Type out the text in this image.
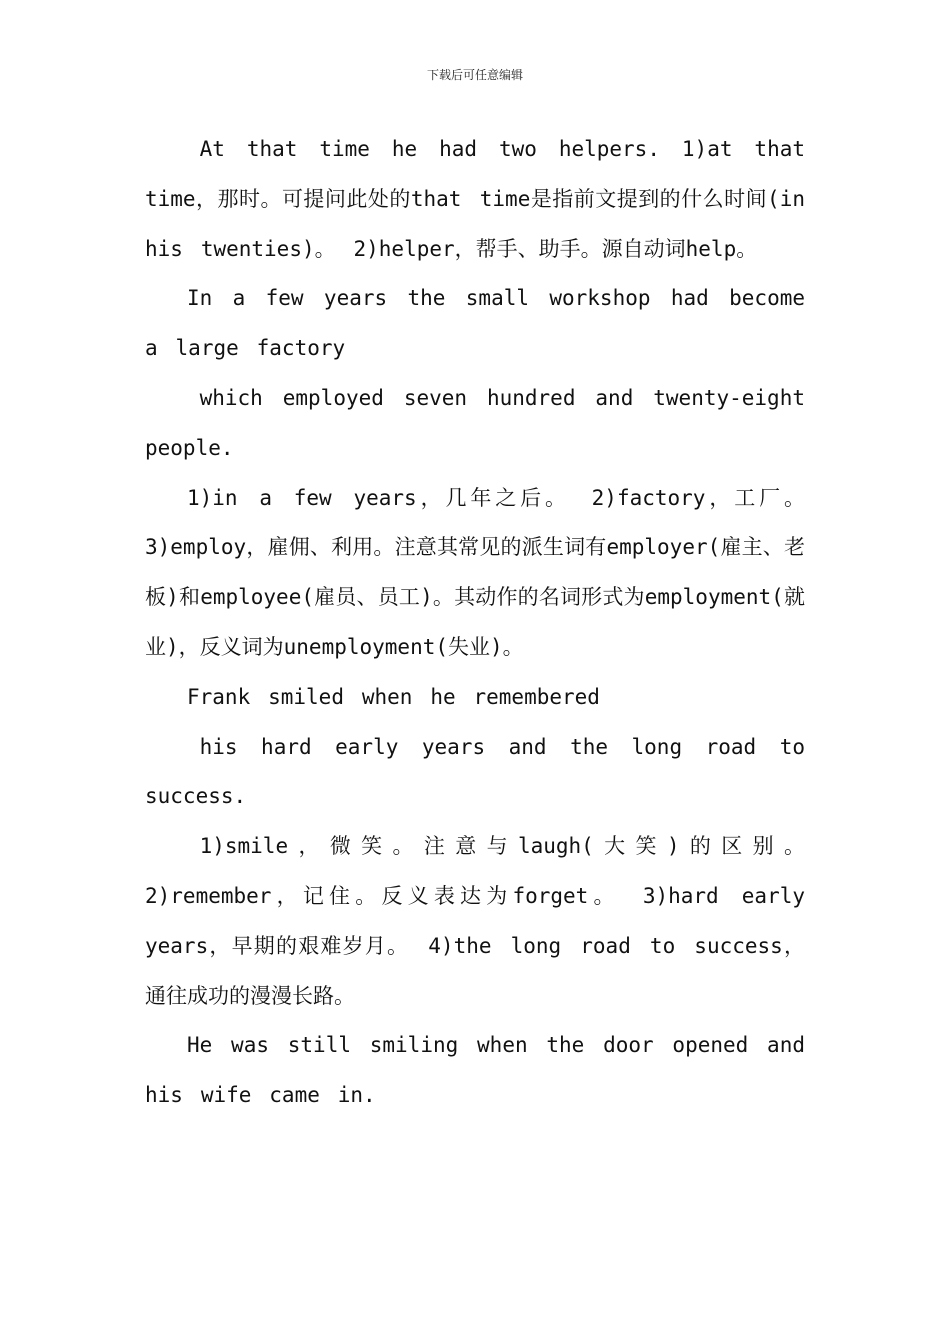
下载后可任意编辑

At that time he had two helpers. 1)at that time，那时。可提问此处的that time是指前文提到的什么时间(in his twenties)。 2)helper，帮手、助手。源自动词help。

In a few years the small workshop had become a large factory

which employed seven hundred and twenty-eight people.

1)in a few years，几年之后。 2)factory，工厂。 3)employ，雇佣、利用。注意其常见的派生词有employer(雇主、老板)和employee(雇员、员工)。其动作的名词形式为employment(就业)，反义词为unemployment(失业)。

Frank smiled when he remembered

his hard early years and the long road to success.

1)smile，微笑。注意与laugh(大笑)的区别。 2)remember，记住。反义表达为forget。 3)hard early years，早期的艰难岁月。 4)the long road to success，通往成功的漫漫长路。

He was still smiling when the door opened and his wife came in.
